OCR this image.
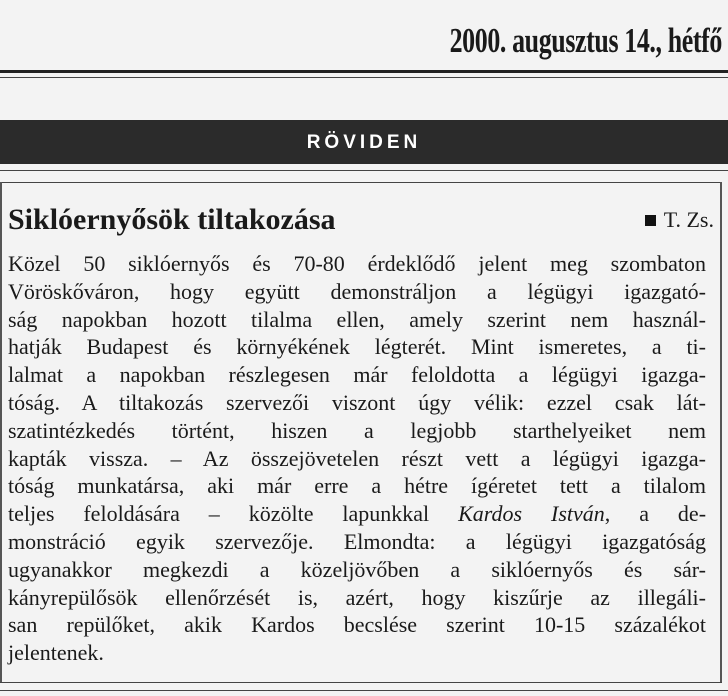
2000. augusztus 14., hétfő
RÖVIDEN
Siklóernyősök tiltakozása	T. Zs.
Közel 50 siklóernyős és 70-80 érdeklődő jelent meg szombaton
Vöröskőváron, hogy együtt demonstráljon a légügyi igazgató-
ság napokban hozott tilalma ellen, amely szerint nem használ-
hatják Budapest és környékének légterét. Mint ismeretes, a ti-
lalmat a napokban részlegesen már feloldotta a légügyi igazga-
tóság. A tiltakozás szervezői viszont úgy vélik: ezzel csak lát-
szatintézkedés történt, hiszen a legjobb starthelyeiket nem
kapták vissza. – Az összejövetelen részt vett a légügyi igazga-
tóság munkatársa, aki már erre a hétre ígéretet tett a tilalom
teljes feloldására – közölte lapunkkal Kardos István, a de-
monstráció egyik szervezője. Elmondta: a légügyi igazgatóság
ugyanakkor megkezdi a közeljövőben a siklóernyős és sár-
kányrepülősök ellenőrzését is, azért, hogy kiszűrje az illegáli-
san repülőket, akik Kardos becslése szerint 10-15 százalékot
jelentenek.
